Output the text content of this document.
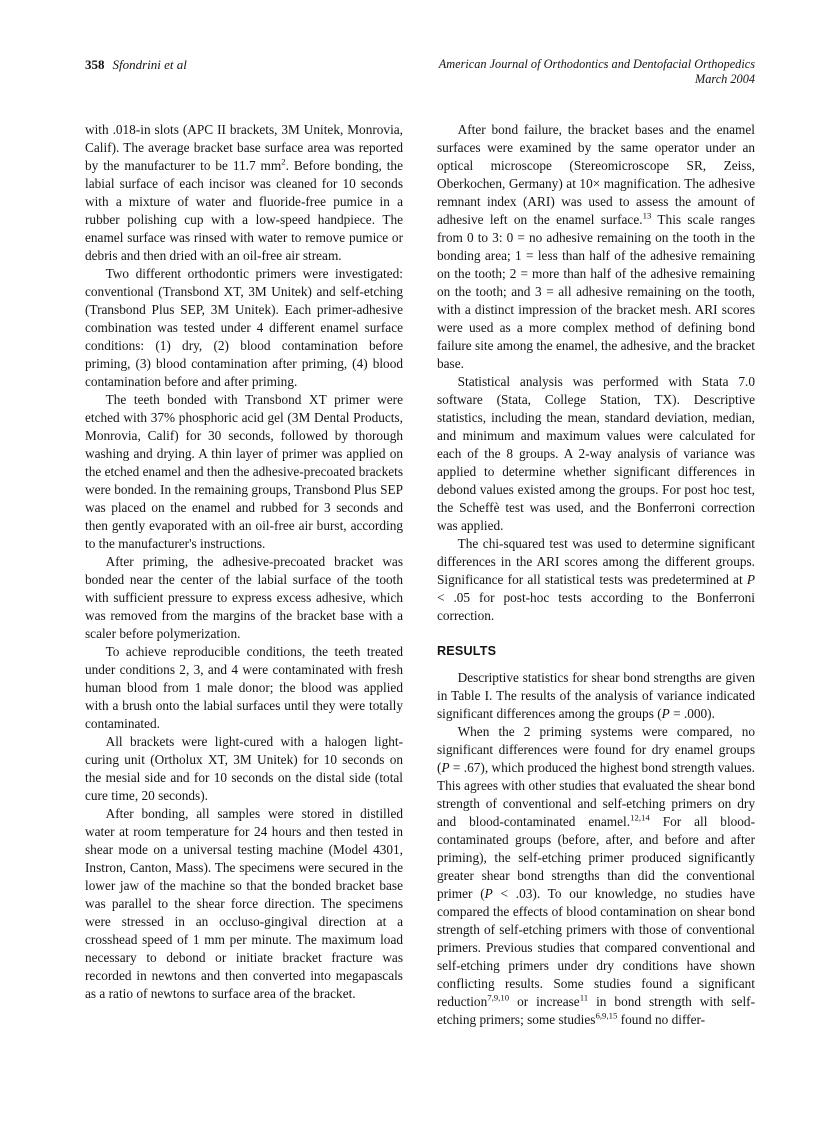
358 Sfondrini et al	American Journal of Orthodontics and Dentofacial Orthopedics
March 2004

with .018-in slots (APC II brackets, 3M Unitek, Monrovia, Calif). The average bracket base surface area was reported by the manufacturer to be 11.7 $mm^2$. Before bonding, the labial surface of each incisor was cleaned for 10 seconds with a mixture of water and fluoride-free pumice in a rubber polishing cup with a low-speed handpiece. The enamel surface was rinsed with water to remove pumice or debris and then dried with an oil-free air stream.

Two different orthodontic primers were investigated: conventional (Transbond XT, 3M Unitek) and self-etching (Transbond Plus SEP, 3M Unitek). Each primer-adhesive combination was tested under 4 different enamel surface conditions: (1) dry, (2) blood contamination before priming, (3) blood contamination after priming, (4) blood contamination before and after priming.

The teeth bonded with Transbond XT primer were etched with 37% phosphoric acid gel (3M Dental Products, Monrovia, Calif) for 30 seconds, followed by thorough washing and drying. A thin layer of primer was applied on the etched enamel and then the adhesive-precoated brackets were bonded. In the remaining groups, Transbond Plus SEP was placed on the enamel and rubbed for 3 seconds and then gently evaporated with an oil-free air burst, according to the manufacturer's instructions.

After priming, the adhesive-precoated bracket was bonded near the center of the labial surface of the tooth with sufficient pressure to express excess adhesive, which was removed from the margins of the bracket base with a scaler before polymerization.

To achieve reproducible conditions, the teeth treated under conditions 2, 3, and 4 were contaminated with fresh human blood from 1 male donor; the blood was applied with a brush onto the labial surfaces until they were totally contaminated.

All brackets were light-cured with a halogen light-curing unit (Ortholux XT, 3M Unitek) for 10 seconds on the mesial side and for 10 seconds on the distal side (total cure time, 20 seconds).

After bonding, all samples were stored in distilled water at room temperature for 24 hours and then tested in shear mode on a universal testing machine (Model 4301, Instron, Canton, Mass). The specimens were secured in the lower jaw of the machine so that the bonded bracket base was parallel to the shear force direction. The specimens were stressed in an occluso-gingival direction at a crosshead speed of 1 mm per minute. The maximum load necessary to debond or initiate bracket fracture was recorded in newtons and then converted into megapascals as a ratio of newtons to surface area of the bracket.

After bond failure, the bracket bases and the enamel surfaces were examined by the same operator under an optical microscope (Stereomicroscope SR, Zeiss, Oberkochen, Germany) at 10× magnification. The adhesive remnant index (ARI) was used to assess the amount of adhesive left on the enamel surface.$^{13}$ This scale ranges from 0 to 3: 0 = no adhesive remaining on the tooth in the bonding area; 1 = less than half of the adhesive remaining on the tooth; 2 = more than half of the adhesive remaining on the tooth; and 3 = all adhesive remaining on the tooth, with a distinct impression of the bracket mesh. ARI scores were used as a more complex method of defining bond failure site among the enamel, the adhesive, and the bracket base.

Statistical analysis was performed with Stata 7.0 software (Stata, College Station, TX). Descriptive statistics, including the mean, standard deviation, median, and minimum and maximum values were calculated for each of the 8 groups. A 2-way analysis of variance was applied to determine whether significant differences in debond values existed among the groups. For post hoc test, the Scheffè test was used, and the Bonferroni correction was applied.

The chi-squared test was used to determine significant differences in the ARI scores among the different groups. Significance for all statistical tests was predetermined at P < .05 for post-hoc tests according to the Bonferroni correction.

RESULTS

Descriptive statistics for shear bond strengths are given in Table I. The results of the analysis of variance indicated significant differences among the groups (P = .000).

When the 2 priming systems were compared, no significant differences were found for dry enamel groups (P = .67), which produced the highest bond strength values. This agrees with other studies that evaluated the shear bond strength of conventional and self-etching primers on dry and blood-contaminated enamel.$^{12,14}$ For all blood-contaminated groups (before, after, and before and after priming), the self-etching primer produced significantly greater shear bond strengths than did the conventional primer (P < .03). To our knowledge, no studies have compared the effects of blood contamination on shear bond strength of self-etching primers with those of conventional primers. Previous studies that compared conventional and self-etching primers under dry conditions have shown conflicting results. Some studies found a significant reduction$^{7,9,10}$ or increase$^{11}$ in bond strength with self-etching primers; some studies$^{6,9,15}$ found no differ-
